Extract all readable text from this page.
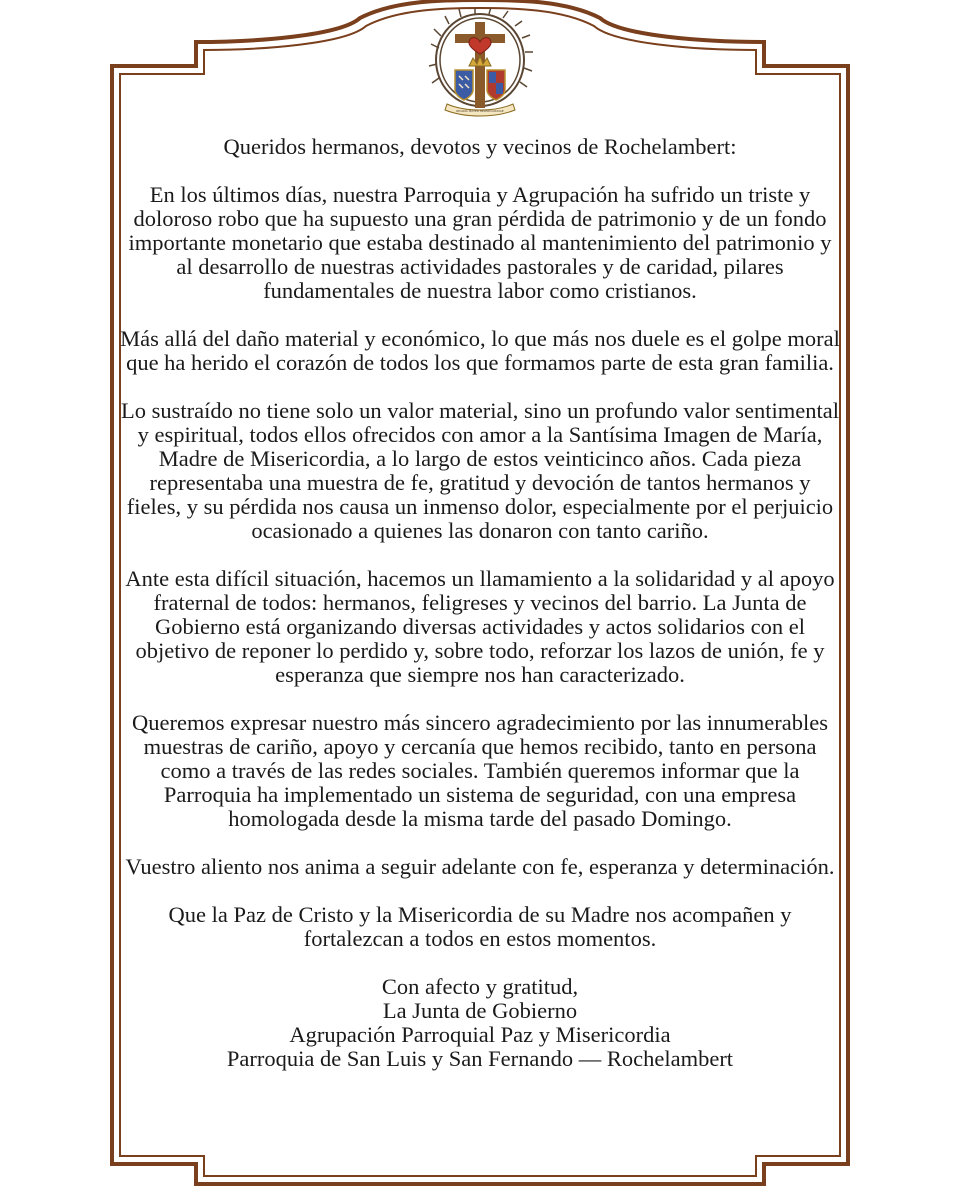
REGINA MATER MISERICORDIAE

Queridos hermanos, devotos y vecinos de Rochelambert:

En los últimos días, nuestra Parroquia y Agrupación ha sufrido un triste y doloroso robo que ha supuesto una gran pérdida de patrimonio y de un fondo importante monetario que estaba destinado al mantenimiento del patrimonio y al desarrollo de nuestras actividades pastorales y de caridad, pilares fundamentales de nuestra labor como cristianos.

Más allá del daño material y económico, lo que más nos duele es el golpe moral que ha herido el corazón de todos los que formamos parte de esta gran familia.

Lo sustraído no tiene solo un valor material, sino un profundo valor sentimental y espiritual, todos ellos ofrecidos con amor a la Santísima Imagen de María, Madre de Misericordia, a lo largo de estos veinticinco años. Cada pieza representaba una muestra de fe, gratitud y devoción de tantos hermanos y fieles, y su pérdida nos causa un inmenso dolor, especialmente por el perjuicio ocasionado a quienes las donaron con tanto cariño.

Ante esta difícil situación, hacemos un llamamiento a la solidaridad y al apoyo fraternal de todos: hermanos, feligreses y vecinos del barrio. La Junta de Gobierno está organizando diversas actividades y actos solidarios con el objetivo de reponer lo perdido y, sobre todo, reforzar los lazos de unión, fe y esperanza que siempre nos han caracterizado.

Queremos expresar nuestro más sincero agradecimiento por las innumerables muestras de cariño, apoyo y cercanía que hemos recibido, tanto en persona como a través de las redes sociales. También queremos informar que la Parroquia ha implementado un sistema de seguridad, con una empresa homologada desde la misma tarde del pasado Domingo.

Vuestro aliento nos anima a seguir adelante con fe, esperanza y determinación.

Que la Paz de Cristo y la Misericordia de su Madre nos acompañen y fortalezcan a todos en estos momentos.

Con afecto y gratitud,
La Junta de Gobierno
Agrupación Parroquial Paz y Misericordia
Parroquia de San Luis y San Fernando — Rochelambert
